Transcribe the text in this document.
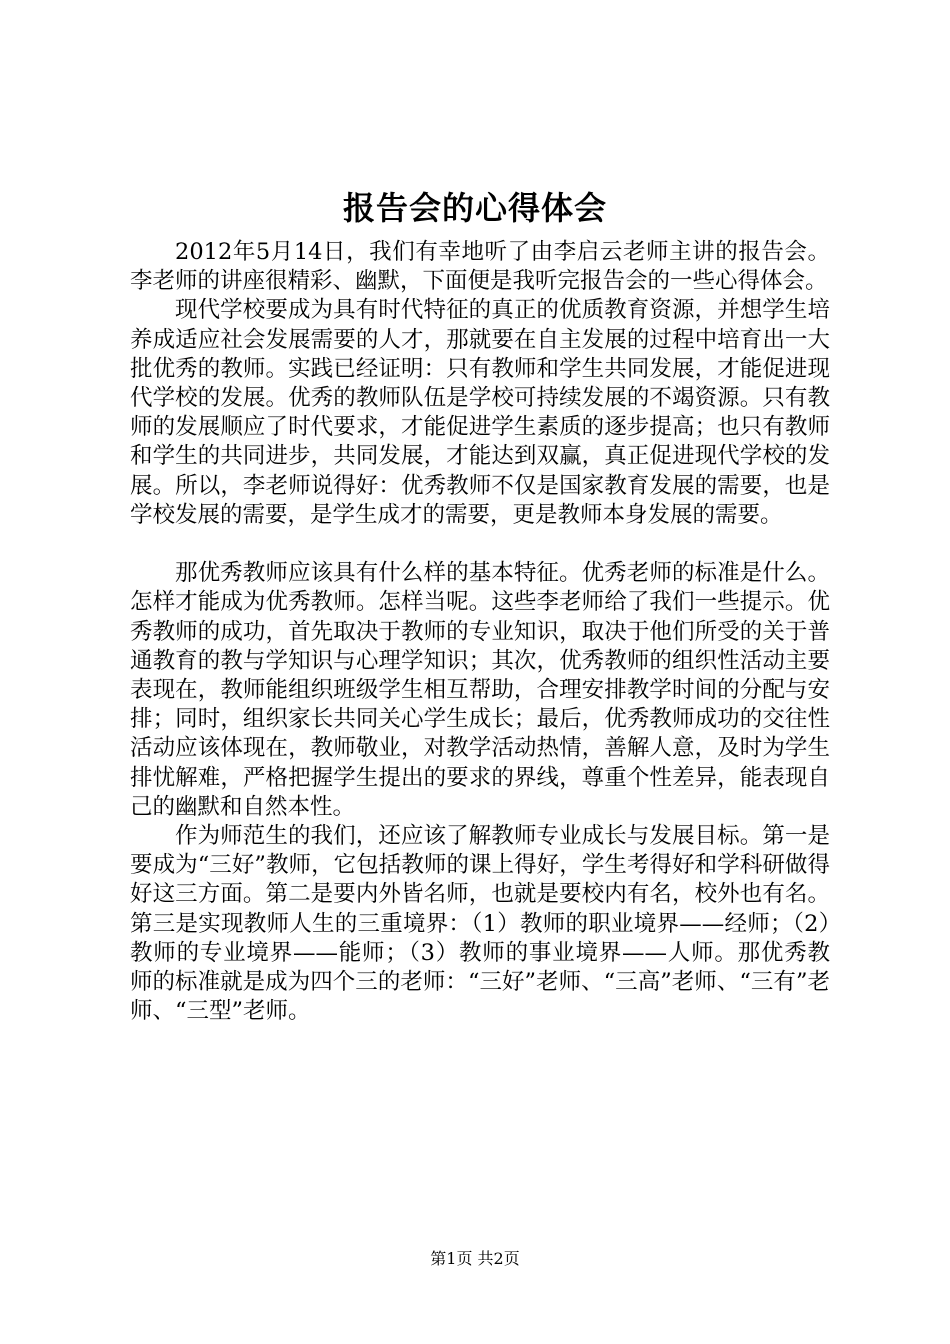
报告会的心得体会

2012年5月14日，我们有幸地听了由李启云老师主讲的报告会。李老师的讲座很精彩、幽默，下面便是我听完报告会的一些心得体会。

现代学校要成为具有时代特征的真正的优质教育资源，并想学生培养成适应社会发展需要的人才，那就要在自主发展的过程中培育出一大批优秀的教师。实践已经证明：只有教师和学生共同发展，才能促进现代学校的发展。优秀的教师队伍是学校可持续发展的不竭资源。只有教师的发展顺应了时代要求，才能促进学生素质的逐步提高；也只有教师和学生的共同进步，共同发展，才能达到双赢，真正促进现代学校的发展。所以，李老师说得好：优秀教师不仅是国家教育发展的需要，也是学校发展的需要，是学生成才的需要，更是教师本身发展的需要。

那优秀教师应该具有什么样的基本特征。优秀老师的标准是什么。怎样才能成为优秀教师。怎样当呢。这些李老师给了我们一些提示。优秀教师的成功，首先取决于教师的专业知识，取决于他们所受的关于普通教育的教与学知识与心理学知识；其次，优秀教师的组织性活动主要表现在，教师能组织班级学生相互帮助，合理安排教学时间的分配与安排；同时，组织家长共同关心学生成长；最后，优秀教师成功的交往性活动应该体现在，教师敬业，对教学活动热情，善解人意，及时为学生排忧解难，严格把握学生提出的要求的界线，尊重个性差异，能表现自己的幽默和自然本性。

作为师范生的我们，还应该了解教师专业成长与发展目标。第一是要成为“三好”教师，它包括教师的课上得好，学生考得好和学科研做得好这三方面。第二是要内外皆名师，也就是要校内有名，校外也有名。第三是实现教师人生的三重境界：（1）教师的职业境界——经师；（2）教师的专业境界——能师；（3）教师的事业境界——人师。那优秀教师的标准就是成为四个三的老师：“三好”老师、“三高”老师、“三有”老师、“三型”老师。

第1页 共2页
